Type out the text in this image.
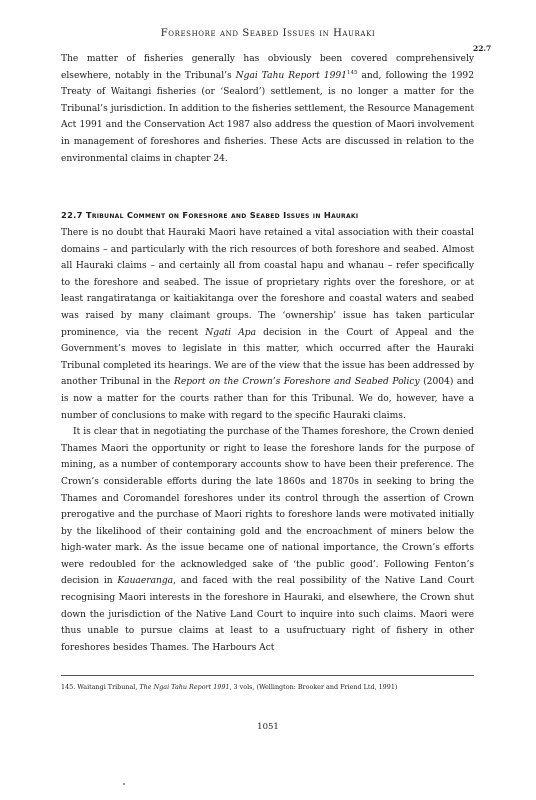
Foreshore and Seabed Issues in Hauraki
22.7

The matter of fisheries generally has obviously been covered comprehensively elsewhere, notably in the Tribunal’s Ngai Tahu Report 1991$^{145}$ and, following the 1992 Treaty of Waitangi fisheries (or ‘Sealord’) settlement, is no longer a matter for the Tribunal’s jurisdiction. In addition to the fisheries settlement, the Resource Management Act 1991 and the Conservation Act 1987 also address the question of Maori involvement in management of foreshores and fisheries. These Acts are discussed in relation to the environmental claims in chapter 24.

22.7 Tribunal Comment on Foreshore and Seabed Issues in Hauraki

There is no doubt that Hauraki Maori have retained a vital association with their coastal domains – and particularly with the rich resources of both foreshore and seabed. Almost all Hauraki claims – and certainly all from coastal hapu and whanau – refer specifically to the foreshore and seabed. The issue of proprietary rights over the foreshore, or at least rangatiratanga or kaitiakitanga over the foreshore and coastal waters and seabed was raised by many claimant groups. The ‘ownership’ issue has taken particular prominence, via the recent Ngati Apa decision in the Court of Appeal and the Government’s moves to legislate in this matter, which occurred after the Hauraki Tribunal completed its hearings. We are of the view that the issue has been addressed by another Tribunal in the Report on the Crown’s Foreshore and Seabed Policy (2004) and is now a matter for the courts rather than for this Tribunal. We do, however, have a number of conclusions to make with regard to the specific Hauraki claims.

It is clear that in negotiating the purchase of the Thames foreshore, the Crown denied Thames Maori the opportunity or right to lease the foreshore lands for the purpose of mining, as a number of contemporary accounts show to have been their preference. The Crown’s considerable efforts during the late 1860s and 1870s in seeking to bring the Thames and Coromandel foreshores under its control through the assertion of Crown prerogative and the purchase of Maori rights to foreshore lands were motivated initially by the likelihood of their containing gold and the encroachment of miners below the high-water mark. As the issue became one of national importance, the Crown’s efforts were redoubled for the acknowledged sake of ‘the public good’. Following Fenton’s decision in Kauaeranga, and faced with the real possibility of the Native Land Court recognising Maori interests in the foreshore in Hauraki, and elsewhere, the Crown shut down the jurisdiction of the Native Land Court to inquire into such claims. Maori were thus unable to pursue claims at least to a usufructuary right of fishery in other foreshores besides Thames. The Harbours Act

145. Waitangi Tribunal, The Ngai Tahu Report 1991, 3 vols, (Wellington: Brooker and Friend Ltd, 1991)
1051
